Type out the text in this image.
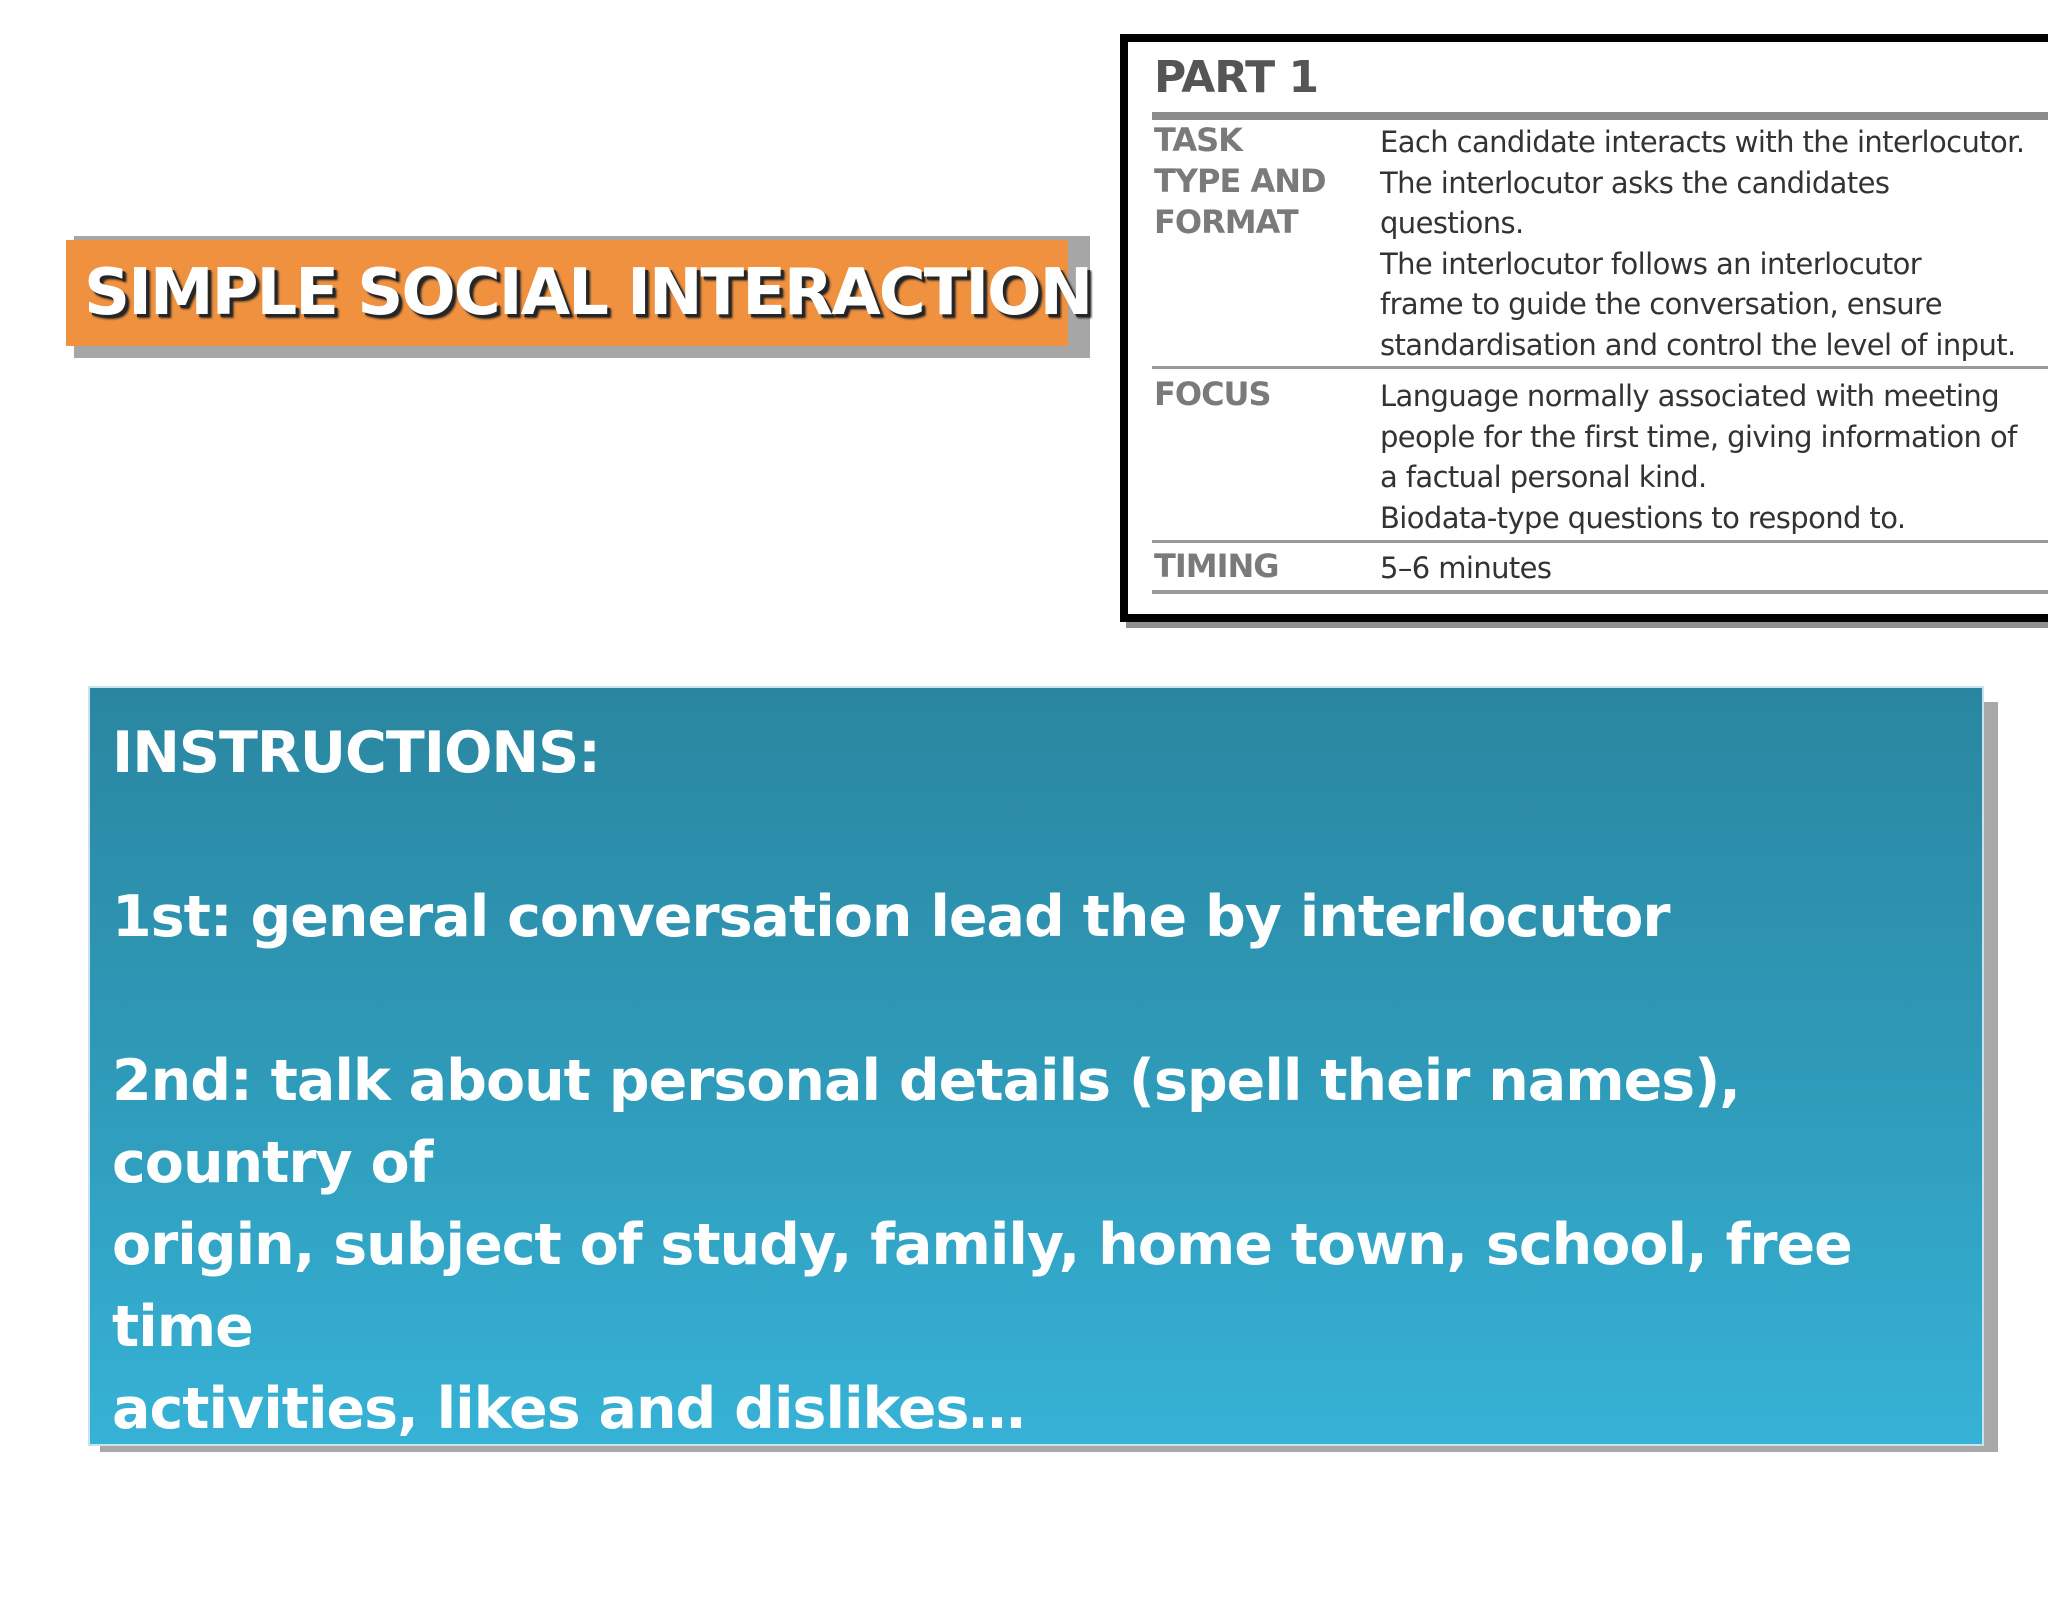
SIMPLE SOCIAL INTERACTION
PART 1
TASK
TYPE AND
FORMAT
Each candidate interacts with the interlocutor.
The interlocutor asks the candidates
questions.
The interlocutor follows an interlocutor
frame to guide the conversation, ensure
standardisation and control the level of input.
FOCUS	Language normally associated with meeting
people for the first time, giving information of
a factual personal kind.
Biodata-type questions to respond to.
TIMING	5–6 minutes
INSTRUCTIONS:
1st: general conversation lead the by interlocutor
2nd: talk about personal details (spell their names), country of
origin, subject of study, family, home town, school, free time
activities, likes and dislikes…
3rd: don’t use one-word answers (extend your answers!)
